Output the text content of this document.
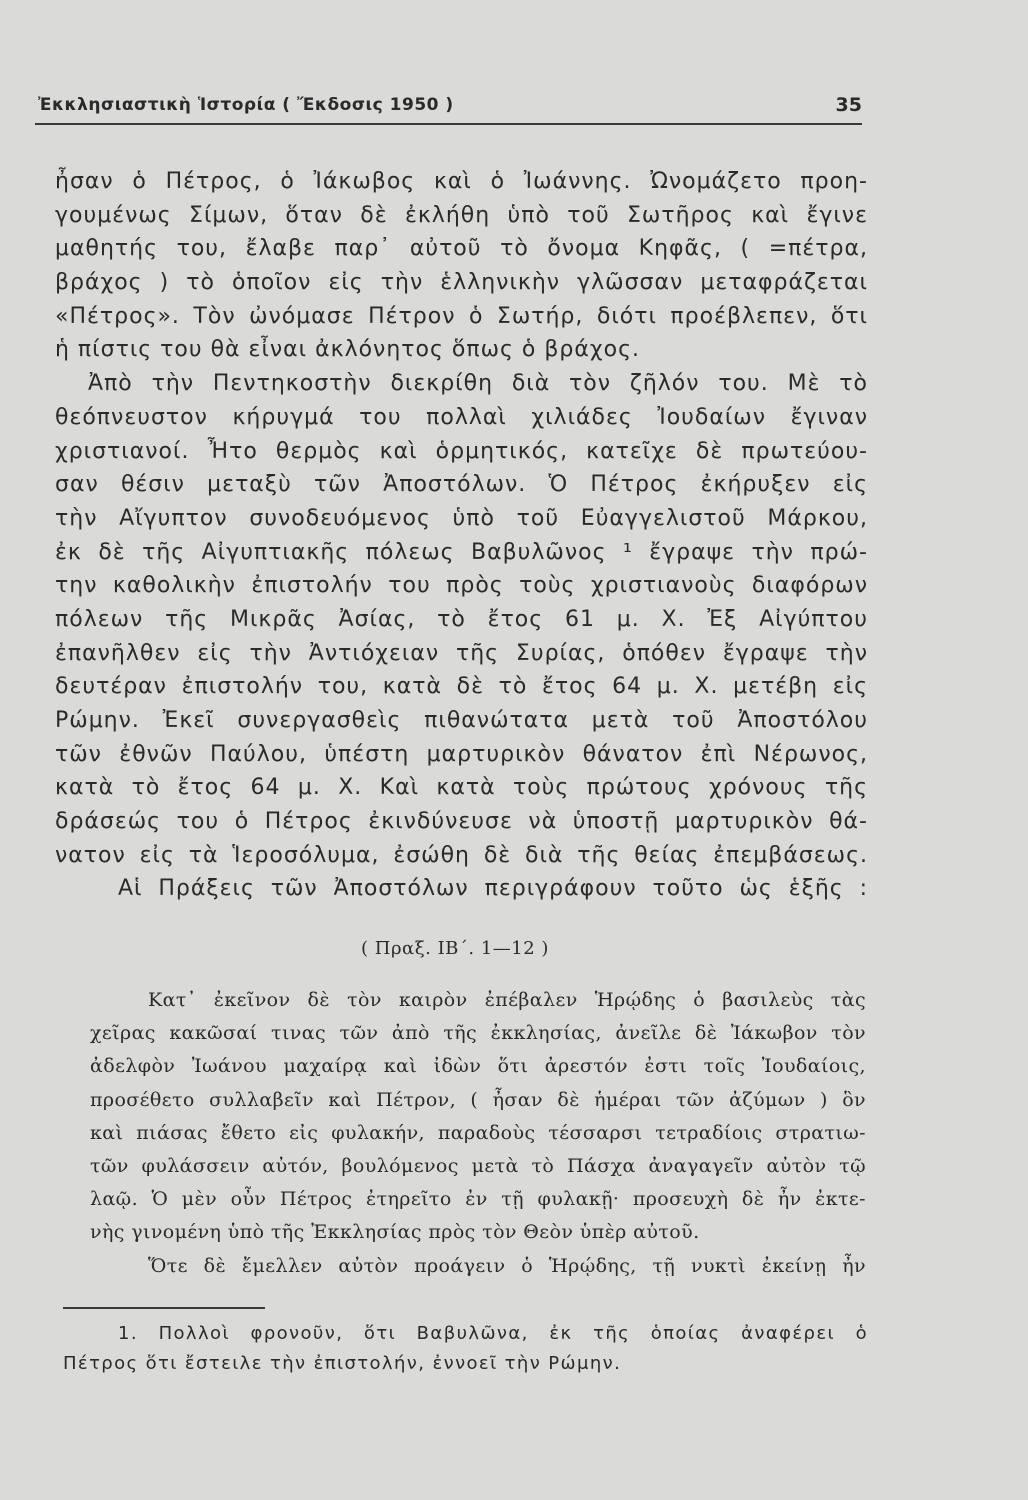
Ἐκκλησιαστικὴ Ἱστορία ( Ἔκδοσις 1950 )	35
ἦσαν ὁ Πέτρος, ὁ Ἰάκωβος καὶ ὁ Ἰωάννης. Ὠνομάζετο προη-
γουμένως Σίμων, ὅταν δὲ ἐκλήθη ὑπὸ τοῦ Σωτῆρος καὶ ἔγινε
μαθητής του, ἔλαβε παρ᾽ αὐτοῦ τὸ ὄνομα Κηφᾶς, ( =πέτρα,
βράχος ) τὸ ὁποῖον εἰς τὴν ἑλληνικὴν γλῶσσαν μεταφράζεται
«Πέτρος». Τὸν ὠνόμασε Πέτρον ὁ Σωτήρ, διότι προέβλεπεν, ὅτι
ἡ πίστις του θὰ εἶναι ἀκλόνητος ὅπως ὁ βράχος.
Ἀπὸ τὴν Πεντηκοστὴν διεκρίθη διὰ τὸν ζῆλόν του. Μὲ τὸ
θεόπνευστον κήρυγμά του πολλαὶ χιλιάδες Ἰουδαίων ἔγιναν
χριστιανοί. Ἦτο θερμὸς καὶ ὁρμητικός, κατεῖχε δὲ πρωτεύου-
σαν θέσιν μεταξὺ τῶν Ἀποστόλων. Ὁ Πέτρος ἐκήρυξεν εἰς
τὴν Αἴγυπτον συνοδευόμενος ὑπὸ τοῦ Εὐαγγελιστοῦ Μάρκου,
ἐκ δὲ τῆς Αἰγυπτιακῆς πόλεως Βαβυλῶνος ¹ ἔγραψε τὴν πρώ-
την καθολικὴν ἐπιστολήν του πρὸς τοὺς χριστιανοὺς διαφόρων
πόλεων τῆς Μικρᾶς Ἀσίας, τὸ ἔτος 61 μ. Χ. Ἐξ Αἰγύπτου
ἐπανῆλθεν εἰς τὴν Ἀντιόχειαν τῆς Συρίας, ὁπόθεν ἔγραψε τὴν
δευτέραν ἐπιστολήν του, κατὰ δὲ τὸ ἔτος 64 μ. Χ. μετέβη εἰς
Ρώμην. Ἐκεῖ συνεργασθεὶς πιθανώτατα μετὰ τοῦ Ἀποστόλου
τῶν ἐθνῶν Παύλου, ὑπέστη μαρτυρικὸν θάνατον ἐπὶ Νέρωνος,
κατὰ τὸ ἔτος 64 μ. Χ. Καὶ κατὰ τοὺς πρώτους χρόνους τῆς
δράσεώς του ὁ Πέτρος ἐκινδύνευσε νὰ ὑποστῇ μαρτυρικὸν θά-
νατον εἰς τὰ Ἱεροσόλυμα, ἐσώθη δὲ διὰ τῆς θείας ἐπεμβάσεως.
Αἱ Πράξεις τῶν Ἀποστόλων περιγράφουν τοῦτο ὡς ἑξῆς :
( Πραξ. ΙΒ΄. 1—12 )
Κατ᾽ ἐκεῖνον δὲ τὸν καιρὸν ἐπέβαλεν Ἡρῴδης ὁ βασιλεὺς τὰς
χεῖρας κακῶσαί τινας τῶν ἀπὸ τῆς ἐκκλησίας, ἀνεῖλε δὲ Ἰάκωβον τὸν
ἀδελφὸν Ἰωάνου μαχαίρᾳ καὶ ἰδὼν ὅτι ἀρεστόν ἐστι τοῖς Ἰουδαίοις,
προσέθετο συλλαβεῖν καὶ Πέτρον, ( ἦσαν δὲ ἡμέραι τῶν ἀζύμων ) ὃν
καὶ πιάσας ἔθετο εἰς φυλακήν, παραδοὺς τέσσαρσι τετραδίοις στρατιω-
τῶν φυλάσσειν αὐτόν, βουλόμενος μετὰ τὸ Πάσχα ἀναγαγεῖν αὐτὸν τῷ
λαῷ. Ὁ μὲν οὖν Πέτρος ἐτηρεῖτο ἐν τῇ φυλακῇ· προσευχὴ δὲ ἦν ἐκτε-
νὴς γινομένη ὑπὸ τῆς Ἐκκλησίας πρὸς τὸν Θεὸν ὑπὲρ αὐτοῦ.
Ὅτε δὲ ἔμελλεν αὐτὸν προάγειν ὁ Ἡρῴδης, τῇ νυκτὶ ἐκείνῃ ἦν
1. Πολλοὶ φρονοῦν, ὅτι Βαβυλῶνα, ἐκ τῆς ὁποίας ἀναφέρει ὁ
Πέτρος ὅτι ἔστειλε τὴν ἐπιστολήν, ἐννοεῖ τὴν Ρώμην.
